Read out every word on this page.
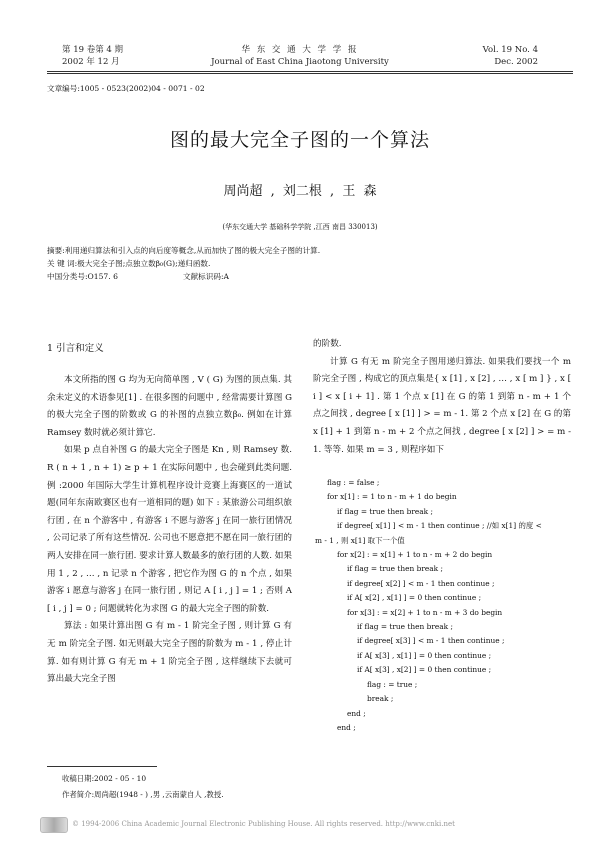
第 19 卷第 4 期
2002 年 12 月
华 东 交 通 大 学 学 报
Journal of East China Jiaotong University
Vol. 19 No. 4
Dec. 2002
文章编号:1005 - 0523(2002)04 - 0071 - 02
图的最大完全子图的一个算法
周尚超 , 刘二根 , 王 森
(华东交通大学 基础科学学院 ,江西 南昌 330013)
摘要:利用递归算法和引入点的向后度等概念,从而加快了图的极大完全子图的计算.
关 键 词:极大完全子图;点独立数β₀(G);递归函数.
中国分类号:O157. 6	文献标识码:A
1 引言和定义

本文所指的图 G 均为无向简单图 , V ( G) 为图的顶点集. 其余未定义的术语参见[1] . 在很多图的问题中 , 经常需要计算图 G 的极大完全子图的阶数或 G 的补图的点独立数β₀. 例如在计算 Ramsey 数时就必须计算它.

如果 p 点自补图 G 的最大完全子图是 Kn , 则 Ramsey 数. R ( n + 1 , n + 1) ≥ p + 1 在实际问题中 , 也会碰到此类问题. 例 :2000 年国际大学生计算机程序设计竞赛上海赛区的一道试题(同年东南欧赛区也有一道相同的题) 如下 : 某旅游公司组织旅行团 , 在 n 个游客中 , 有游客 i 不愿与游客 j 在同一旅行团情况 , 公司记录了所有这些情况. 公司也不愿意把不愿在同一旅行团的两人安排在同一旅行团. 要求计算人数最多的旅行团的人数. 如果用 1 , 2 , … , n 记录 n 个游客 , 把它作为图 G 的 n 个点 , 如果游客 i 愿意与游客 j 在同一旅行团 , 则记 A [ i , j ] = 1 ; 否则 A [ i , j ] = 0 ; 问题就转化为求图 G 的最大完全子图的阶数.

算法 : 如果计算出图 G 有 m - 1 阶完全子图 , 则计算 G 有无 m 阶完全子图. 如无则最大完全子图的阶数为 m - 1 , 停止计算. 如有则计算 G 有无 m + 1 阶完全子图 , 这样继续下去就可算出最大完全子图

的阶数.

计算 G 有无 m 阶完全子图用递归算法. 如果我们要找一个 m 阶完全子图 , 构成它的顶点集是{ x [1] , x [2] , … , x [ m ] } , x [ i ] < x [ i + 1] . 第 1 个点 x [1] 在 G 的第 1 到第 n - m + 1 个点之间找 , degree [ x [1] ] > = m - 1. 第 2 个点 x [2] 在 G 的第 x [1] + 1 到第 n - m + 2 个点之间找 , degree [ x [2] ] > = m - 1. 等等. 如果 m = 3 , 则程序如下

flag : = false ;
for x[1] : = 1 to n - m + 1 do begin
if flag = true then break ;
if degree[ x[1] ] < m - 1 then continue ; //如 x[1] 的度 <
m - 1 , 则 x[1] 取下一个值
for x[2] : = x[1] + 1 to n - m + 2 do begin
if flag = true then break ;
if degree[ x[2] ] < m - 1 then continue ;
if A[ x[2] , x[1] ] = 0 then continue ;
for x[3] : = x[2] + 1 to n - m + 3 do begin
if flag = true then break ;
if degree[ x[3] ] < m - 1 then continue ;
if A[ x[3] , x[1] ] = 0 then continue ;
if A[ x[3] , x[2] ] = 0 then continue ;
flag : = true ;
break ;
end ;
end ;
收稿日期:2002 - 05 - 10
作者简介:周尚超(1948 - ) ,男 ,云南蒙自人 ,教授.
© 1994-2006 China Academic Journal Electronic Publishing House. All rights reserved. http://www.cnki.net
